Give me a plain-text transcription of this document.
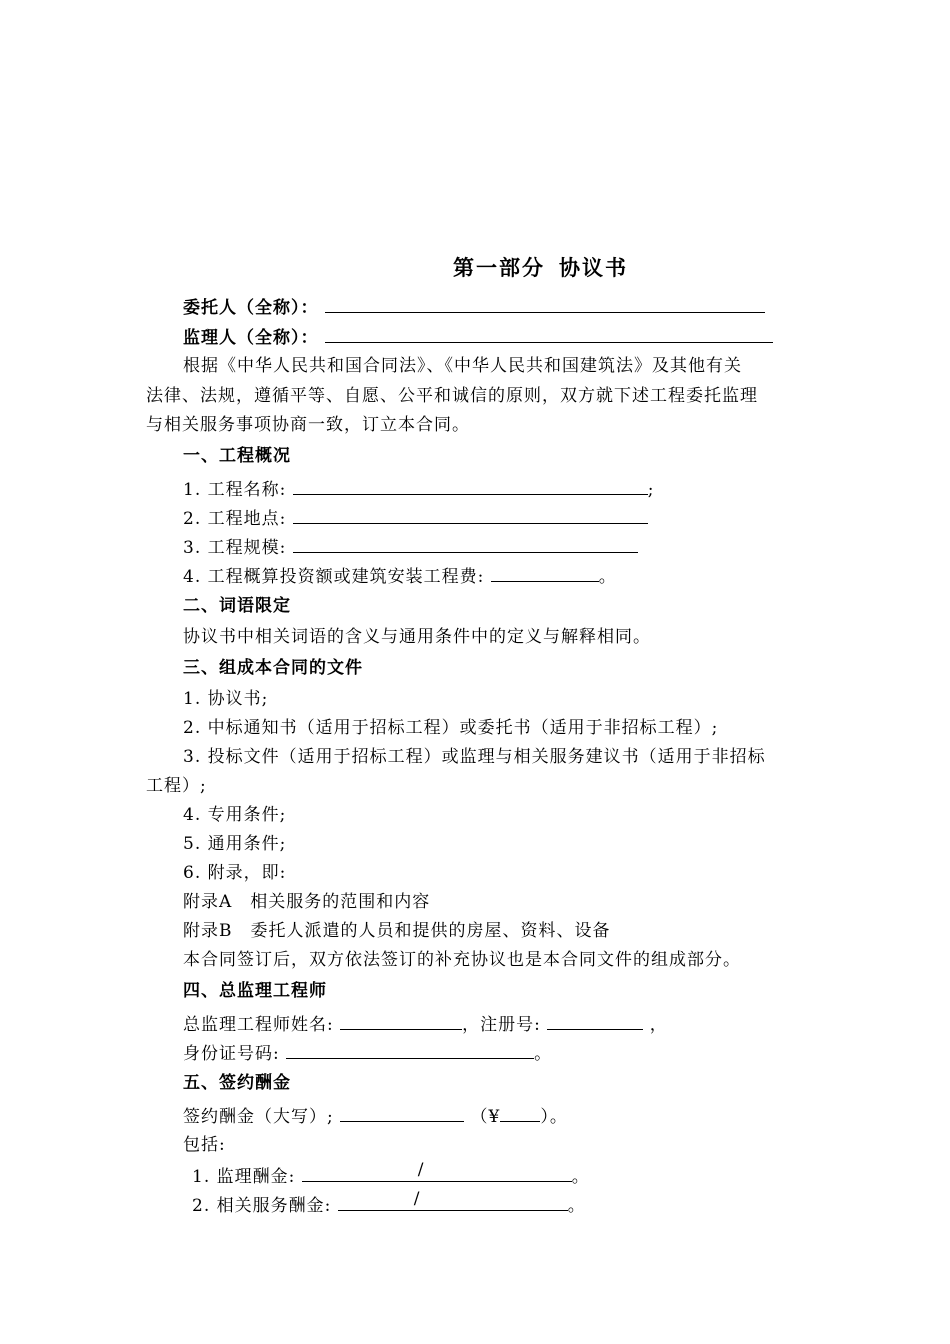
第一部分 协议书
委托人（全称）：
监理人（全称）：
根据《中华人民共和国合同法》、《中华人民共和国建筑法》及其他有关
法律、法规，遵循平等、自愿、公平和诚信的原则，双方就下述工程委托监理
与相关服务事项协商一致，订立本合同。
一、工程概况
1. 工程名称:	;
2. 工程地点:
3. 工程规模:
4. 工程概算投资额或建筑安装工程费:	。
二、词语限定
协议书中相关词语的含义与通用条件中的定义与解释相同。
三、组成本合同的文件
1. 协议书;
2. 中标通知书（适用于招标工程）或委托书（适用于非招标工程）;
3. 投标文件（适用于招标工程）或监理与相关服务建议书（适用于非招标
工程）;
4. 专用条件;
5. 通用条件;
6. 附录，即:
附录A　相关服务的范围和内容
附录B　委托人派遣的人员和提供的房屋、资料、设备
本合同签订后，双方依法签订的补充协议也是本合同文件的组成部分。
四、总监理工程师
总监理工程师姓名:	，注册号:	，
身份证号码:	。
五、签约酬金
签约酬金（大写）;	（¥ ）。
包括:
1. 监理酬金:	/	。
2. 相关服务酬金:	/	。
